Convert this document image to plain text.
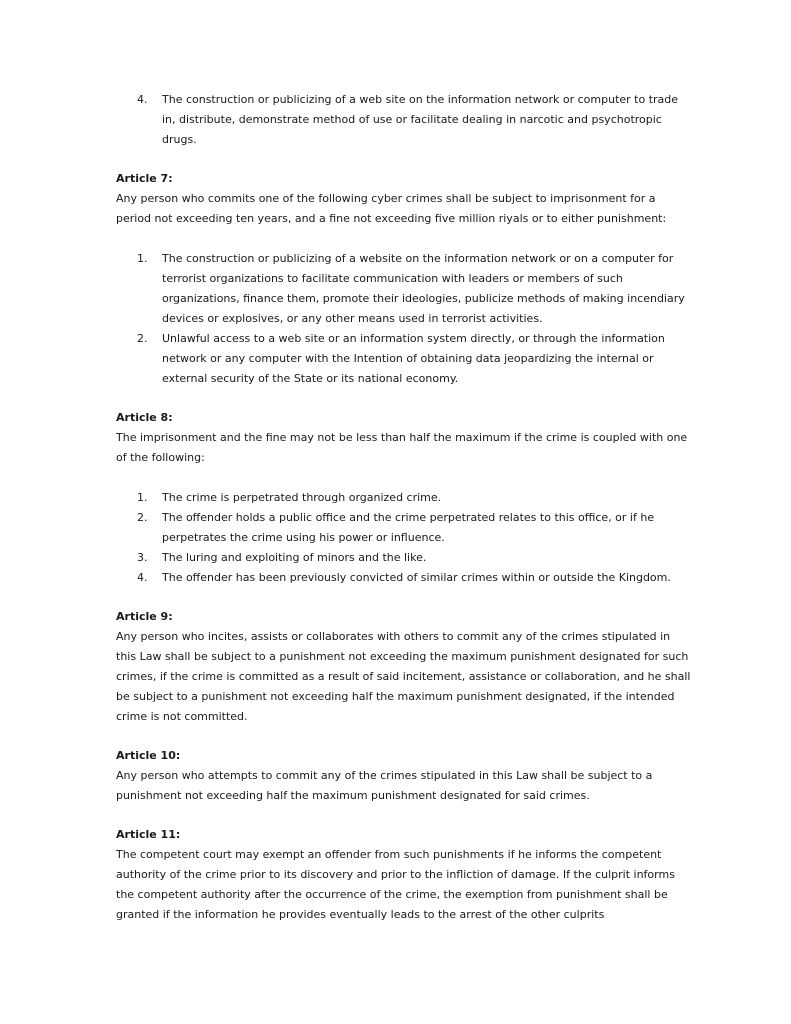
4. The construction or publicizing of a web site on the information network or computer to trade in, distribute, demonstrate method of use or facilitate dealing in narcotic and psychotropic drugs.

Article 7:

Any person who commits one of the following cyber crimes shall be subject to imprisonment for a period not exceeding ten years, and a fine not exceeding five million riyals or to either punishment:

1. The construction or publicizing of a website on the information network or on a computer for terrorist organizations to facilitate communication with leaders or members of such organizations, finance them, promote their ideologies, publicize methods of making incendiary devices or explosives, or any other means used in terrorist activities.
2. Unlawful access to a web site or an information system directly, or through the information network or any computer with the Intention of obtaining data jeopardizing the internal or external security of the State or its national economy.

Article 8:

The imprisonment and the fine may not be less than half the maximum if the crime is coupled with one of the following:

1. The crime is perpetrated through organized crime.
2. The offender holds a public office and the crime perpetrated relates to this office, or if he perpetrates the crime using his power or influence.
3. The luring and exploiting of minors and the like.
4. The offender has been previously convicted of similar crimes within or outside the Kingdom.

Article 9:

Any person who incites, assists or collaborates with others to commit any of the crimes stipulated in this Law shall be subject to a punishment not exceeding the maximum punishment designated for such crimes, if the crime is committed as a result of said incitement, assistance or collaboration, and he shall be subject to a punishment not exceeding half the maximum punishment designated, if the intended crime is not committed.

Article 10:

Any person who attempts to commit any of the crimes stipulated in this Law shall be subject to a punishment not exceeding half the maximum punishment designated for said crimes.

Article 11:

The competent court may exempt an offender from such punishments if he informs the competent authority of the crime prior to its discovery and prior to the infliction of damage. If the culprit informs the competent authority after the occurrence of the crime, the exemption from punishment shall be granted if the information he provides eventually leads to the arrest of the other culprits
